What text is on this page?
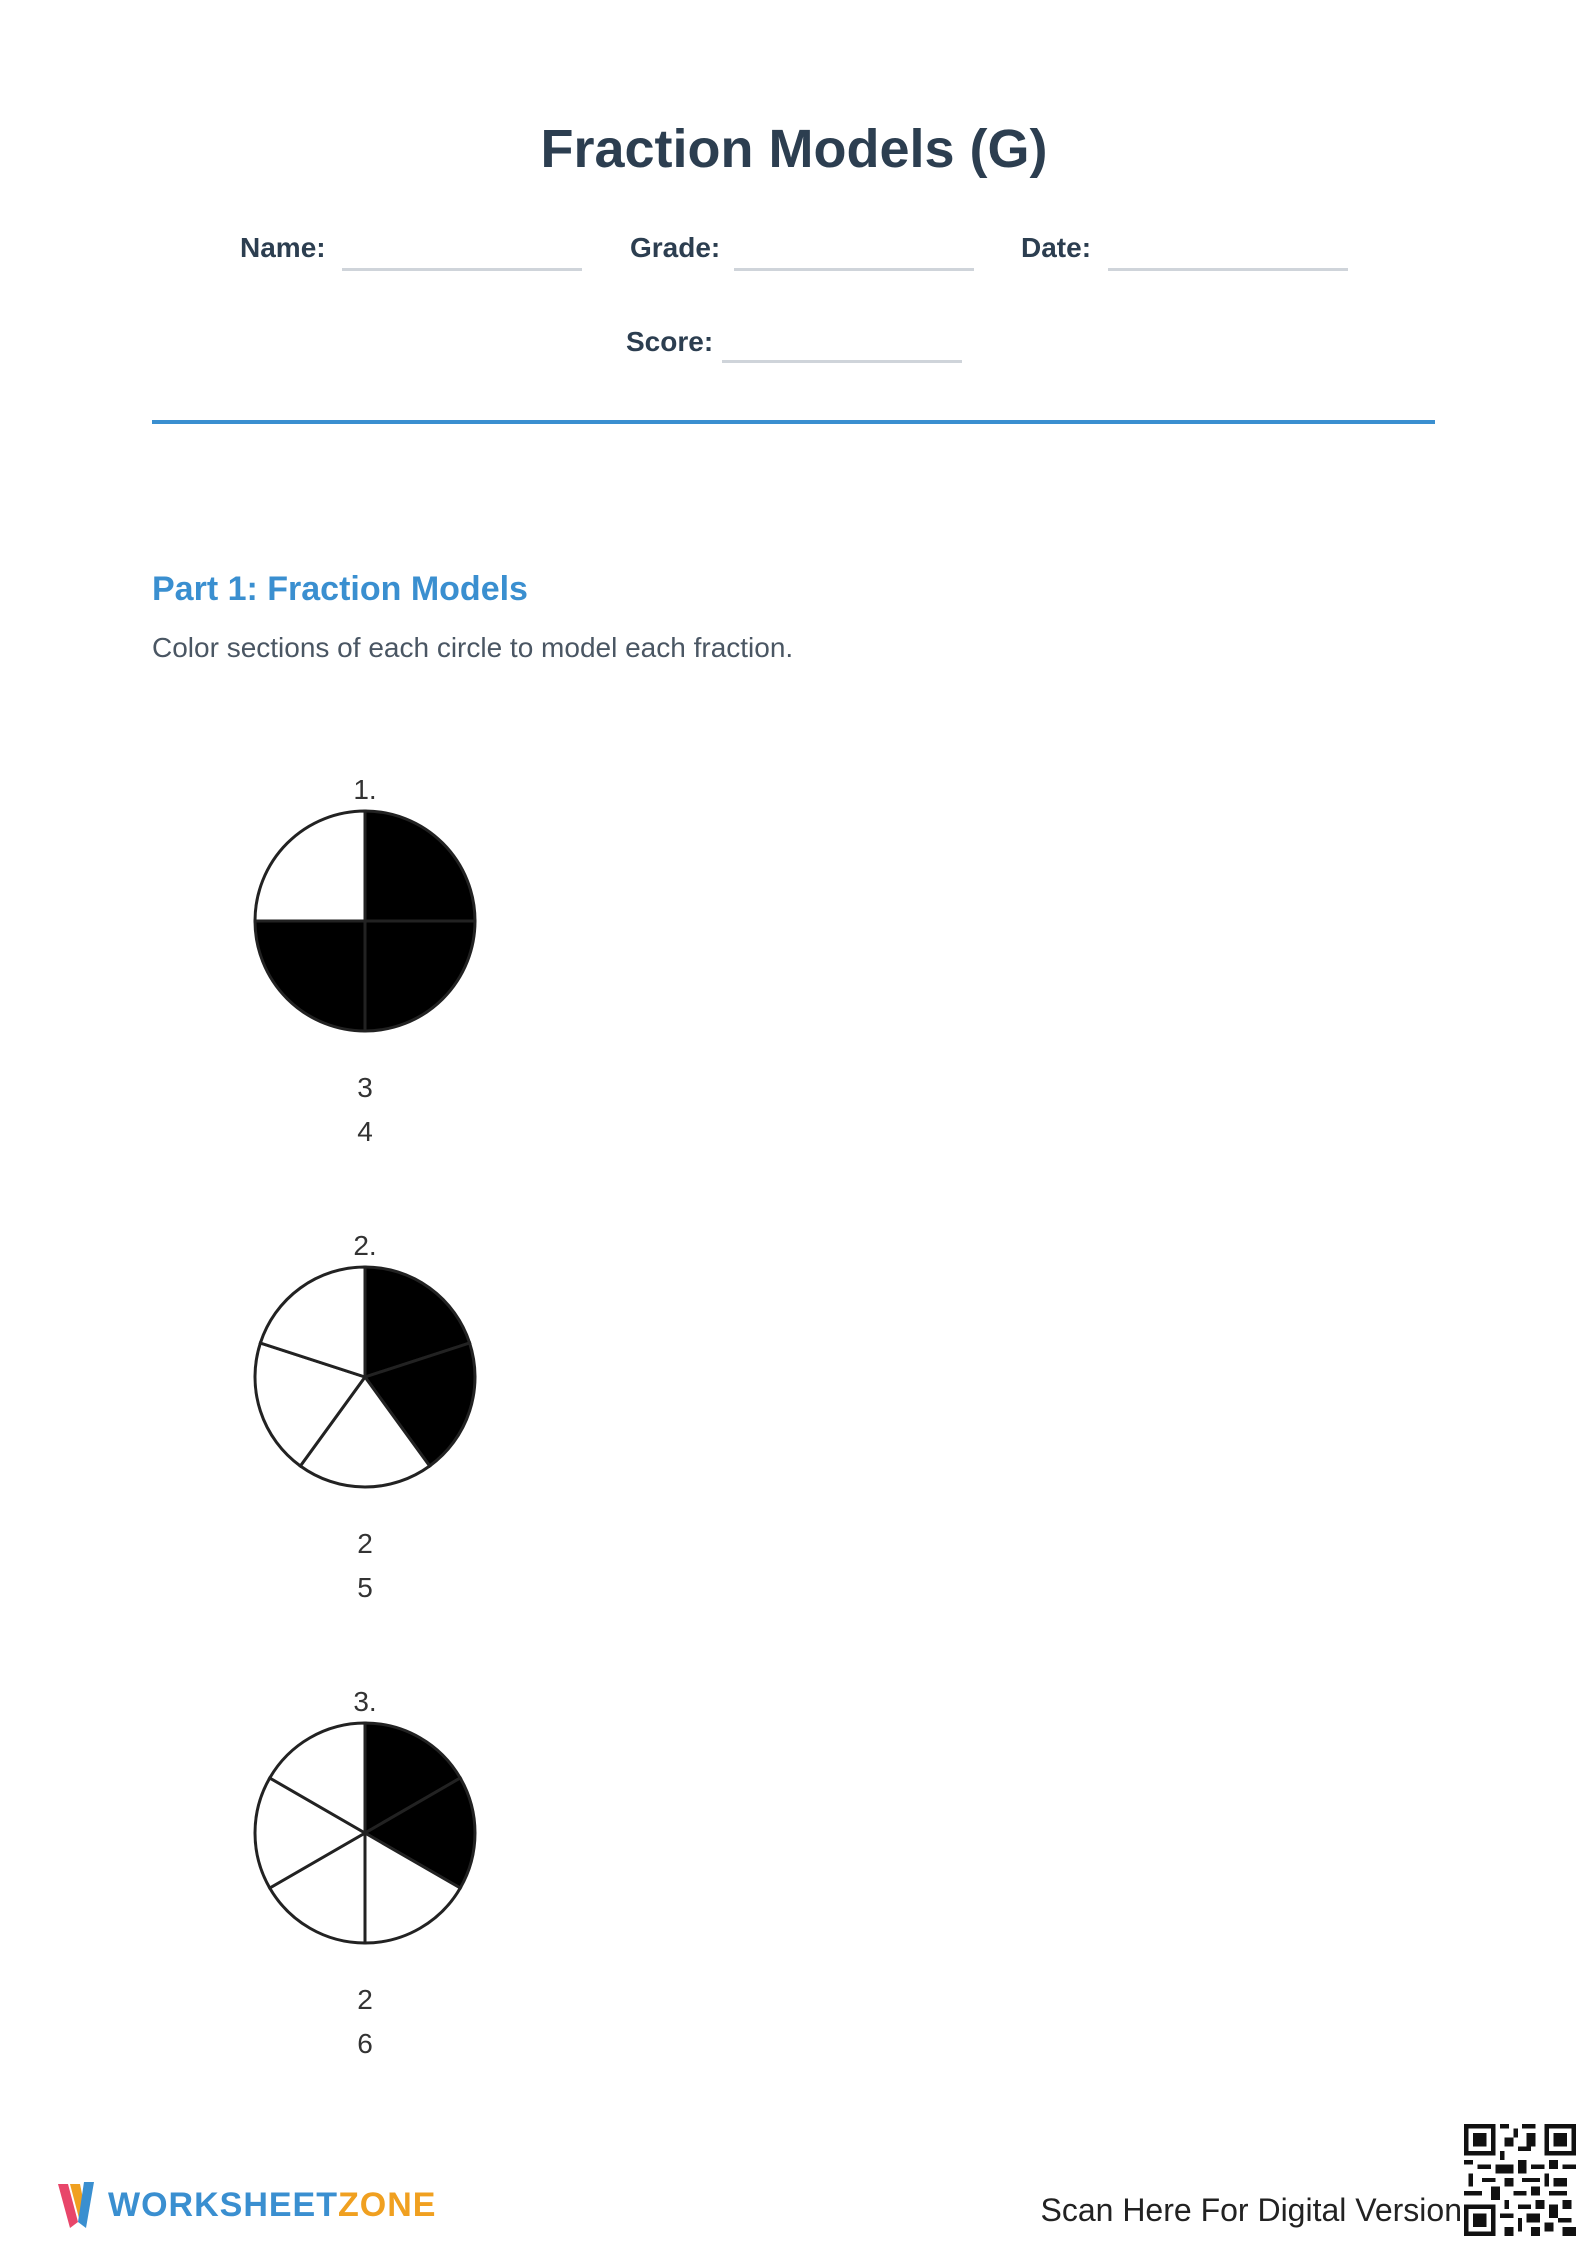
Fraction Models (G)
Name:	Grade:	Date:
Score:
Part 1: Fraction Models
Color sections of each circle to model each fraction.
1.
3
4
2.
2
5
3.
2
6
WORKSHEETZONE	Scan Here For Digital Version
